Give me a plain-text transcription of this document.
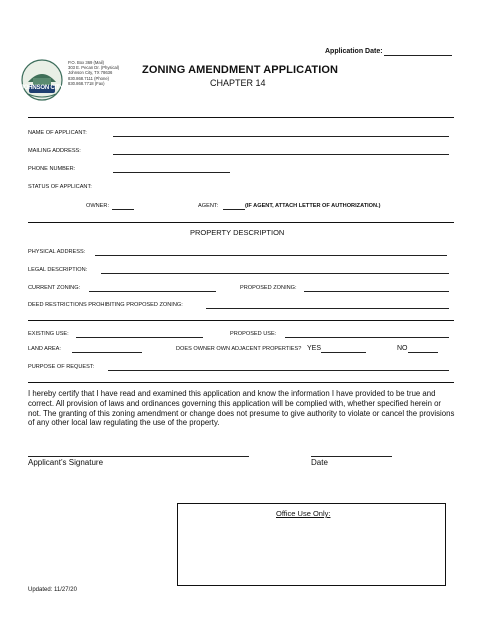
Application Date:
JOHNSON CITY
P.O. Box 369 (Mail)
303 E. Pecan Dr. (Physical)
Johnson City, TX 78636
830.868.7111 (Phone)
830.868.7718 (Fax)
ZONING AMENDMENT APPLICATION
CHAPTER 14
NAME OF APPLICANT:
MAILING ADDRESS:
PHONE NUMBER:
STATUS OF APPLICANT:
OWNER:	AGENT:	(IF AGENT, ATTACH LETTER OF AUTHORIZATION.)
PROPERTY DESCRIPTION
PHYSICAL ADDRESS:
LEGAL DESCRIPTION:
CURRENT ZONING:	PROPOSED ZONING:
DEED RESTRICTIONS PROHIBITING PROPOSED ZONING:
EXISTING USE:	PROPOSED USE:
LAND AREA:	DOES OWNER OWN ADJACENT PROPERTIES? YES	NO
PURPOSE OF REQUEST:
I hereby certify that I have read and examined this application and know the information I have provided to be true and correct. All provision of laws and ordinances governing this application will be complied with, whether specified herein or not. The granting of this zoning amendment or change does not presume to give authority to violate or cancel the provisions of any other local law regulating the use of the property.
Applicant’s Signature	Date
Office Use Only:
Updated: 11/27/20
